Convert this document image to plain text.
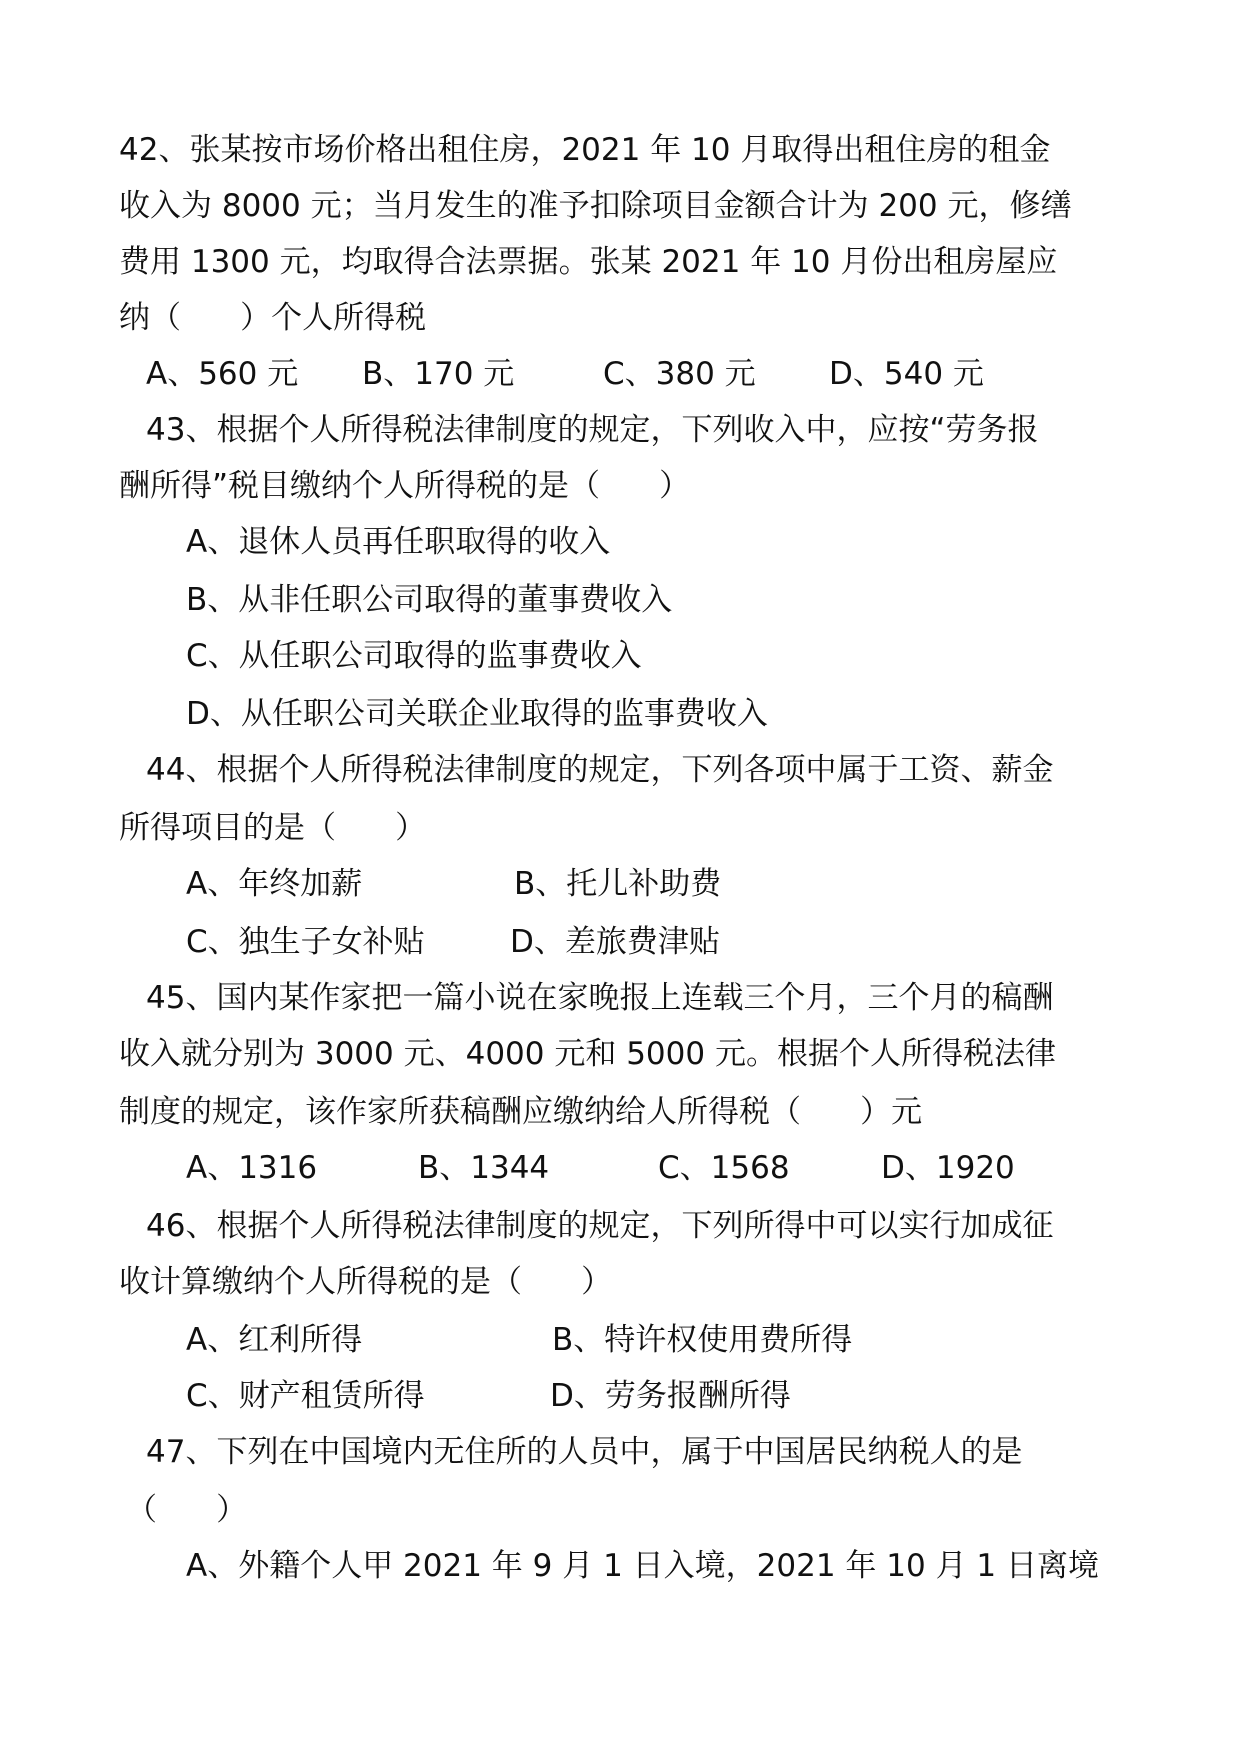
42、张某按市场价格出租住房，2021 年 10 月取得出租住房的租金
收入为 8000 元；当月发生的准予扣除项目金额合计为 200 元，修缮
费用 1300 元，均取得合法票据。张某 2021 年 10 月份出租房屋应
纳（      ）个人所得税
A、560 元 B、170 元	C、380 元 D、540 元
43、根据个人所得税法律制度的规定，下列收入中，应按“劳务报
酬所得”税目缴纳个人所得税的是（      ）
A、退休人员再任职取得的收入
B、从非任职公司取得的董事费收入
C、从任职公司取得的监事费收入
D、从任职公司关联企业取得的监事费收入
44、根据个人所得税法律制度的规定，下列各项中属于工资、薪金
所得项目的是（      ）
A、年终加薪	B、托儿补助费
C、独生子女补贴	D、差旅费津贴
45、国内某作家把一篇小说在家晚报上连载三个月，三个月的稿酬
收入就分别为 3000 元、4000 元和 5000 元。根据个人所得税法律
制度的规定，该作家所获稿酬应缴纳给人所得税（      ）元
A、1316	B、1344	C、1568	D、1920
46、根据个人所得税法律制度的规定，下列所得中可以实行加成征
收计算缴纳个人所得税的是（      ）
A、红利所得	B、特许权使用费所得
C、财产租赁所得	D、劳务报酬所得
47、下列在中国境内无住所的人员中，属于中国居民纳税人的是
（      ）
A、外籍个人甲 2021 年 9 月 1 日入境，2021 年 10 月 1 日离境
